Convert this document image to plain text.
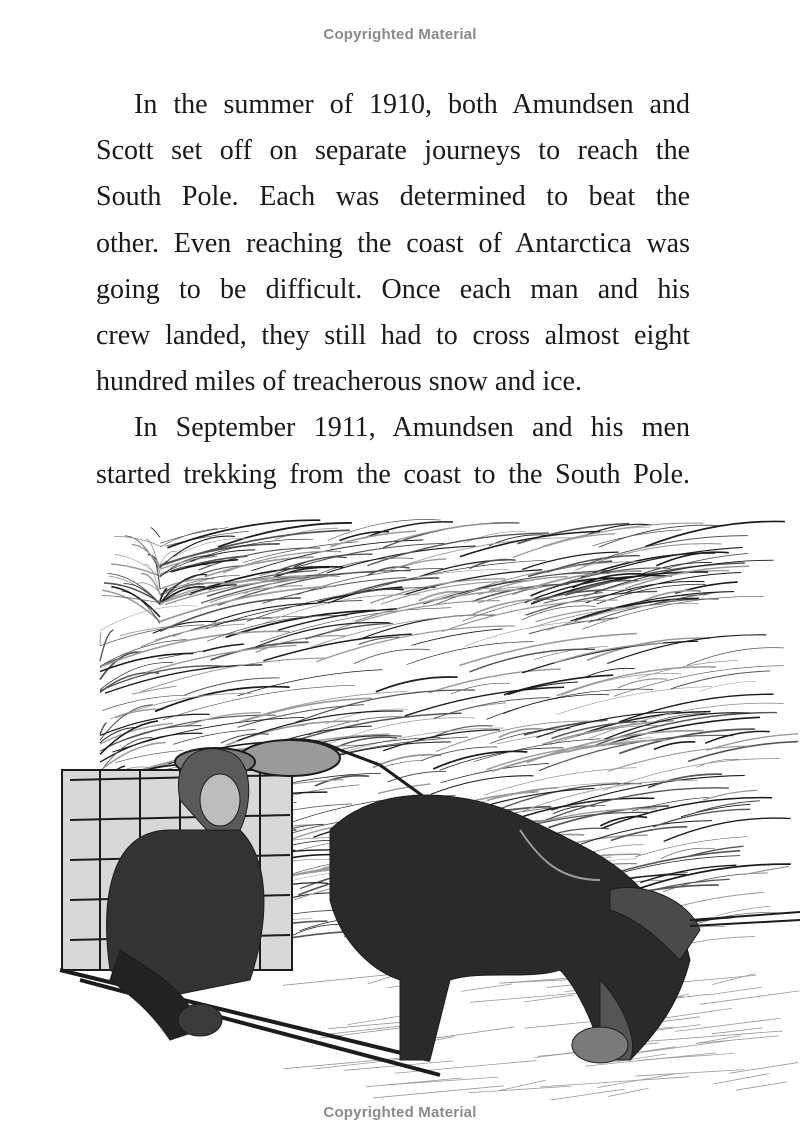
Copyrighted Material
In the summer of 1910, both Amundsen and
Scott set off on separate journeys to reach the
South Pole. Each was determined to beat the
other. Even reaching the coast of Antarctica was
going to be difficult. Once each man and his
crew landed, they still had to cross almost eight
hundred miles of treacherous snow and ice.
In September 1911, Amundsen and his men
started trekking from the coast to the South Pole.
Copyrighted Material
